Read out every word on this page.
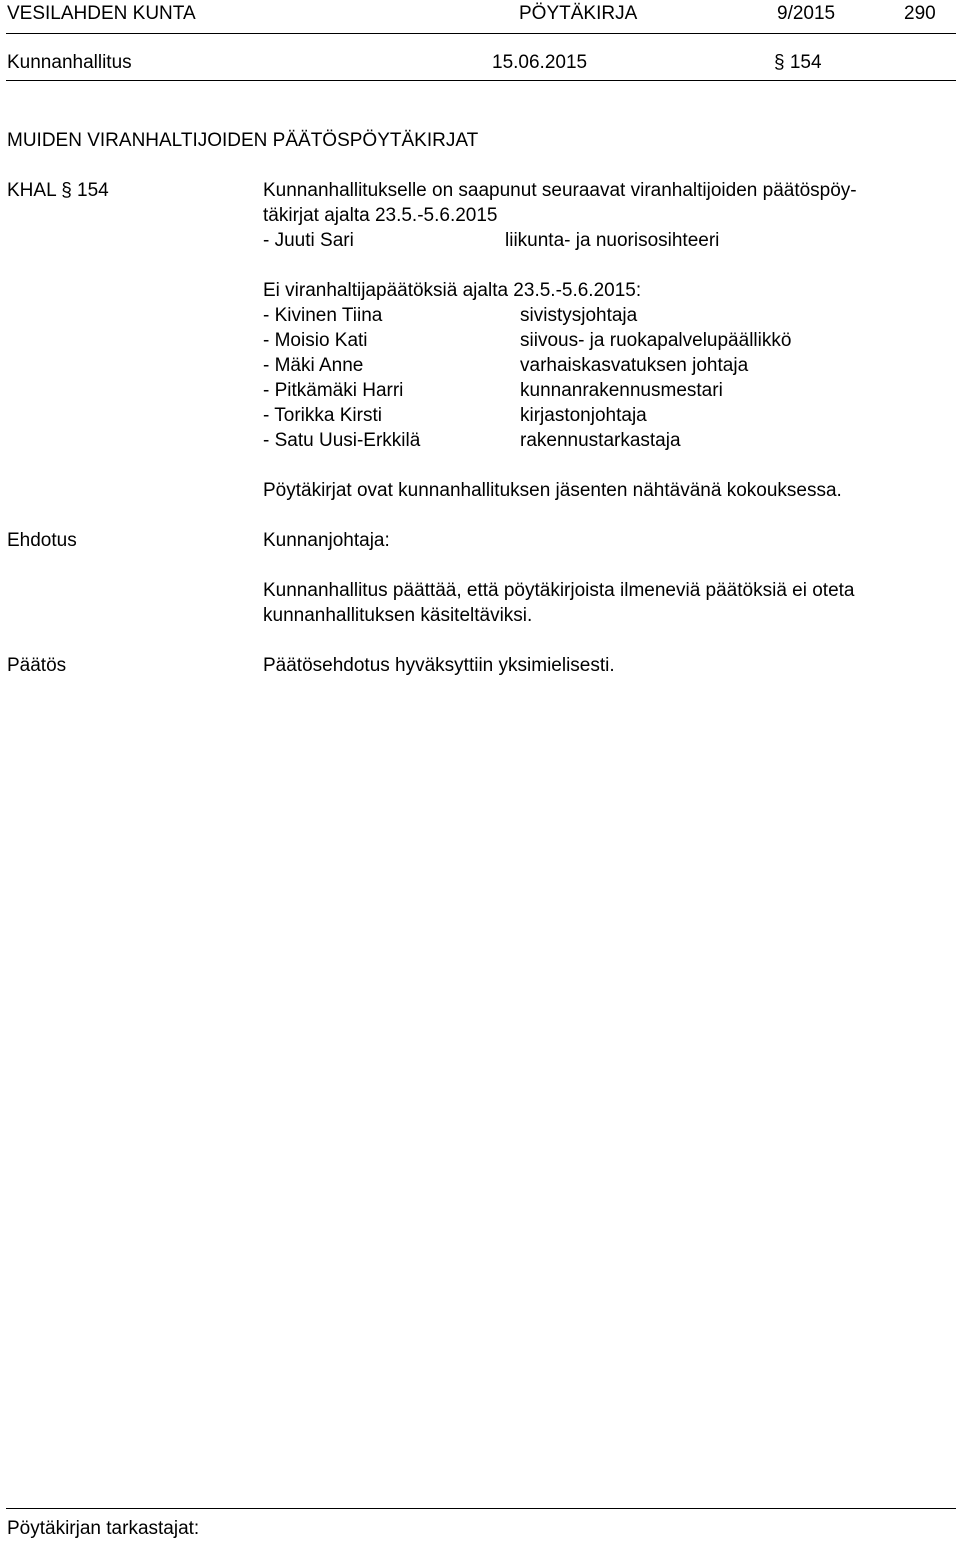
VESILAHDEN KUNTA	PÖYTÄKIRJA	9/2015	290
Kunnanhallitus	15.06.2015	§ 154
MUIDEN VIRANHALTIJOIDEN PÄÄTÖSPÖYTÄKIRJAT
KHAL § 154	Kunnanhallitukselle on saapunut seuraavat viranhaltijoiden päätöspöy-
täkirjat ajalta 23.5.-5.6.2015
- Juuti Sari	liikunta- ja nuorisosihteeri
Ei viranhaltijapäätöksiä ajalta 23.5.-5.6.2015:
- Kivinen Tiina	sivistysjohtaja
- Moisio Kati	siivous- ja ruokapalvelupäällikkö
- Mäki Anne	varhaiskasvatuksen johtaja
- Pitkämäki Harri	kunnanrakennusmestari
- Torikka Kirsti	kirjastonjohtaja
- Satu Uusi-Erkkilä	rakennustarkastaja
Pöytäkirjat ovat kunnanhallituksen jäsenten nähtävänä kokouksessa.
Ehdotus	Kunnanjohtaja:
Kunnanhallitus päättää, että pöytäkirjoista ilmeneviä päätöksiä ei oteta
kunnanhallituksen käsiteltäviksi.
Päätös	Päätösehdotus hyväksyttiin yksimielisesti.
Pöytäkirjan tarkastajat:
